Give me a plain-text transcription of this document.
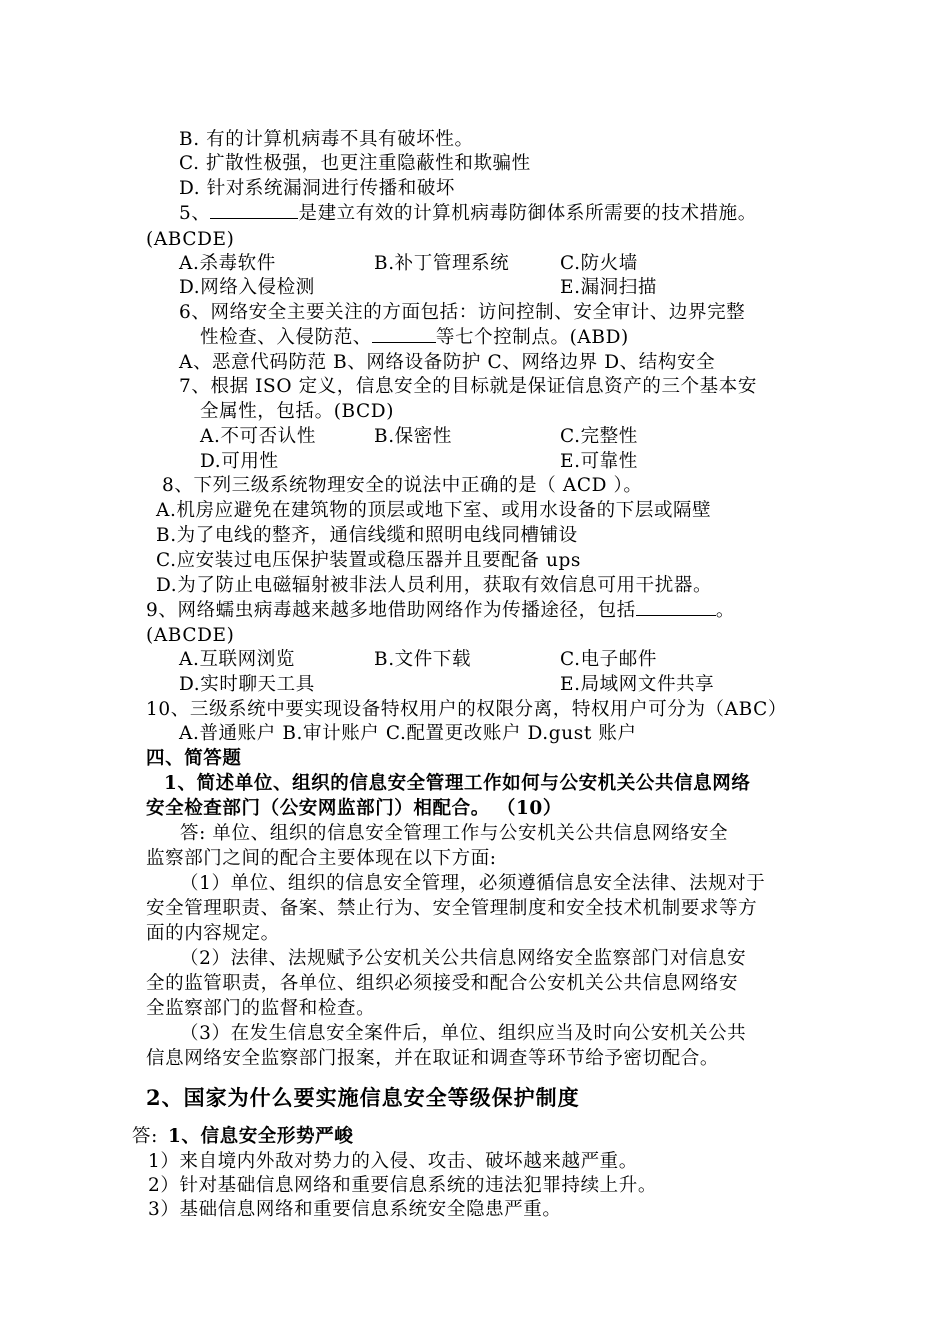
B. 有的计算机病毒不具有破坏性。
C. 扩散性极强，也更注重隐蔽性和欺骗性
D. 针对系统漏洞进行传播和破坏
5、	是建立有效的计算机病毒防御体系所需要的技术措施。
(ABCDE)
A.杀毒软件	B.补丁管理系统	C.防火墙
D.网络入侵检测	E.漏洞扫描
6、网络安全主要关注的方面包括：访问控制、安全审计、边界完整
性检查、入侵防范、	等七个控制点。(ABD)
A、恶意代码防范 B、网络设备防护 C、网络边界 D、结构安全
7、根据 ISO 定义，信息安全的目标就是保证信息资产的三个基本安
全属性，包括。(BCD)
A.不可否认性	B.保密性	C.完整性
D.可用性	E.可靠性
8、下列三级系统物理安全的说法中正确的是（ ACD ）。
A.机房应避免在建筑物的顶层或地下室、或用水设备的下层或隔壁
B.为了电线的整齐，通信线缆和照明电线同槽铺设
C.应安装过电压保护装置或稳压器并且要配备 ups
D.为了防止电磁辐射被非法人员利用，获取有效信息可用干扰器。
9、网络蠕虫病毒越来越多地借助网络作为传播途径，包括	。
(ABCDE)
A.互联网浏览	B.文件下载	C.电子邮件
D.实时聊天工具	E.局域网文件共享
10、三级系统中要实现设备特权用户的权限分离，特权用户可分为（ABC）
A.普通账户 B.审计账户 C.配置更改账户 D.gust 账户
四、简答题
1、简述单位、组织的信息安全管理工作如何与公安机关公共信息网络
安全检查部门（公安网监部门）相配合。 （10）
答: 单位、组织的信息安全管理工作与公安机关公共信息网络安全
监察部门之间的配合主要体现在以下方面:
（1）单位、组织的信息安全管理，必须遵循信息安全法律、法规对于
安全管理职责、备案、禁止行为、安全管理制度和安全技术机制要求等方
面的内容规定。
（2）法律、法规赋予公安机关公共信息网络安全监察部门对信息安
全的监管职责，各单位、组织必须接受和配合公安机关公共信息网络安
全监察部门的监督和检查。
（3）在发生信息安全案件后，单位、组织应当及时向公安机关公共
信息网络安全监察部门报案，并在取证和调查等环节给予密切配合。
2、国家为什么要实施信息安全等级保护制度
答: 1、信息安全形势严峻
1）来自境内外敌对势力的入侵、攻击、破坏越来越严重。
2）针对基础信息网络和重要信息系统的违法犯罪持续上升。
3）基础信息网络和重要信息系统安全隐患严重。
